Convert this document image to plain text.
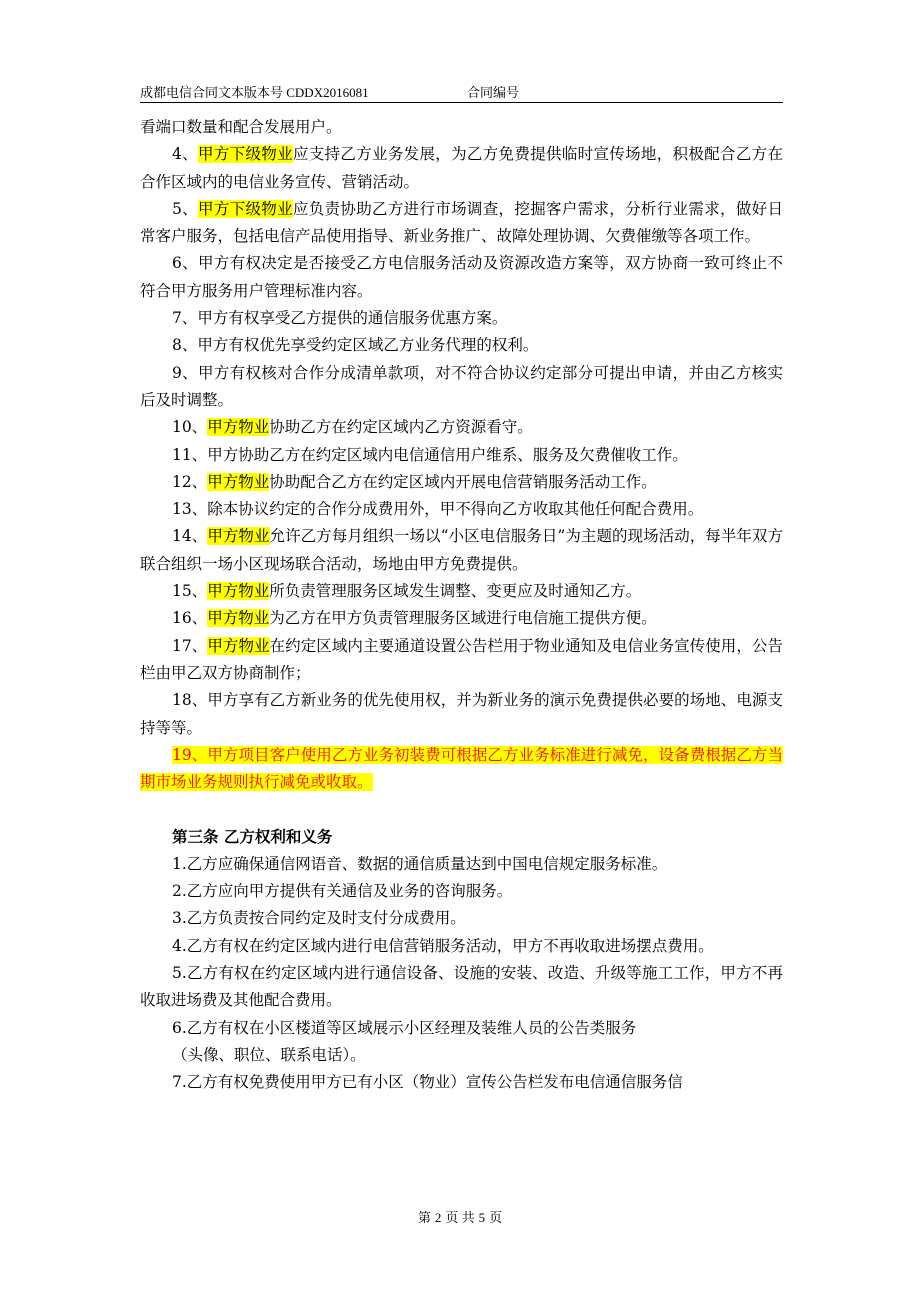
成都电信合同文本版本号 CDDX2016081	合同编号

看端口数量和配合发展用户。

4、甲方下级物业应支持乙方业务发展，为乙方免费提供临时宣传场地，积极配合乙方在合作区域内的电信业务宣传、营销活动。

5、甲方下级物业应负责协助乙方进行市场调查，挖掘客户需求，分析行业需求，做好日常客户服务，包括电信产品使用指导、新业务推广、故障处理协调、欠费催缴等各项工作。

6、甲方有权决定是否接受乙方电信服务活动及资源改造方案等，双方协商一致可终止不符合甲方服务用户管理标准内容。

7、甲方有权享受乙方提供的通信服务优惠方案。

8、甲方有权优先享受约定区域乙方业务代理的权利。

9、甲方有权核对合作分成清单款项，对不符合协议约定部分可提出申请，并由乙方核实后及时调整。

10、甲方物业协助乙方在约定区域内乙方资源看守。

11、甲方协助乙方在约定区域内电信通信用户维系、服务及欠费催收工作。

12、甲方物业协助配合乙方在约定区域内开展电信营销服务活动工作。

13、除本协议约定的合作分成费用外，甲不得向乙方收取其他任何配合费用。

14、甲方物业允许乙方每月组织一场以“小区电信服务日”为主题的现场活动，每半年双方联合组织一场小区现场联合活动，场地由甲方免费提供。

15、甲方物业所负责管理服务区域发生调整、变更应及时通知乙方。

16、甲方物业为乙方在甲方负责管理服务区域进行电信施工提供方便。

17、甲方物业在约定区域内主要通道设置公告栏用于物业通知及电信业务宣传使用，公告栏由甲乙双方协商制作；

18、甲方享有乙方新业务的优先使用权，并为新业务的演示免费提供必要的场地、电源支持等等。

19、甲方项目客户使用乙方业务初装费可根据乙方业务标准进行减免，设备费根据乙方当期市场业务规则执行减免或收取。

第三条 乙方权利和义务

1.乙方应确保通信网语音、数据的通信质量达到中国电信规定服务标准。

2.乙方应向甲方提供有关通信及业务的咨询服务。

3.乙方负责按合同约定及时支付分成费用。

4.乙方有权在约定区域内进行电信营销服务活动，甲方不再收取进场摆点费用。

5.乙方有权在约定区域内进行通信设备、设施的安装、改造、升级等施工工作，甲方不再收取进场费及其他配合费用。

6.乙方有权在小区楼道等区域展示小区经理及装维人员的公告类服务

（头像、职位、联系电话）。

7.乙方有权免费使用甲方已有小区（物业）宣传公告栏发布电信通信服务信

第 2 页 共 5 页
